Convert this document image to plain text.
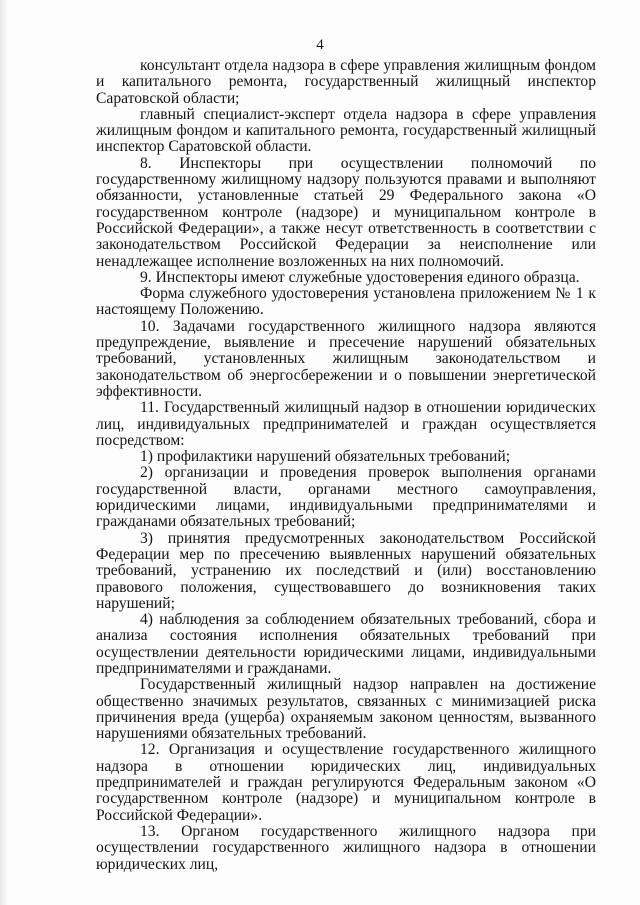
4

консультант отдела надзора в сфере управления жилищным фондом и капитального ремонта, государственный жилищный инспектор Саратовской области;

главный специалист-эксперт отдела надзора в сфере управления жилищным фондом и капитального ремонта, государственный жилищный инспектор Саратовской области.

8. Инспекторы при осуществлении полномочий по государственному жилищному надзору пользуются правами и выполняют обязанности, установленные статьей 29 Федерального закона «О государственном контроле (надзоре) и муниципальном контроле в Российской Федерации», а также несут ответственность в соответствии с законодательством Российской Федерации за неисполнение или ненадлежащее исполнение возложенных на них полномочий.

9. Инспекторы имеют служебные удостоверения единого образца.

Форма служебного удостоверения установлена приложением № 1 к настоящему Положению.

10. Задачами государственного жилищного надзора являются предупреждение, выявление и пресечение нарушений обязательных требований, установленных жилищным законодательством и законодательством об энергосбережении и о повышении энергетической эффективности.

11. Государственный жилищный надзор в отношении юридических лиц, индивидуальных предпринимателей и граждан осуществляется посредством:

1) профилактики нарушений обязательных требований;

2) организации и проведения проверок выполнения органами государственной власти, органами местного самоуправления, юридическими лицами, индивидуальными предпринимателями и гражданами обязательных требований;

3) принятия предусмотренных законодательством Российской Федерации мер по пресечению выявленных нарушений обязательных требований, устранению их последствий и (или) восстановлению правового положения, существовавшего до возникновения таких нарушений;

4) наблюдения за соблюдением обязательных требований, сбора и анализа состояния исполнения обязательных требований при осуществлении деятельности юридическими лицами, индивидуальными предпринимателями и гражданами.

Государственный жилищный надзор направлен на достижение общественно значимых результатов, связанных с минимизацией риска причинения вреда (ущерба) охраняемым законом ценностям, вызванного нарушениями обязательных требований.

12. Организация и осуществление государственного жилищного надзора в отношении юридических лиц, индивидуальных предпринимателей и граждан регулируются Федеральным законом «О государственном контроле (надзоре) и муниципальном контроле в Российской Федерации».

13. Органом государственного жилищного надзора при осуществлении государственного жилищного надзора в отношении юридических лиц,
